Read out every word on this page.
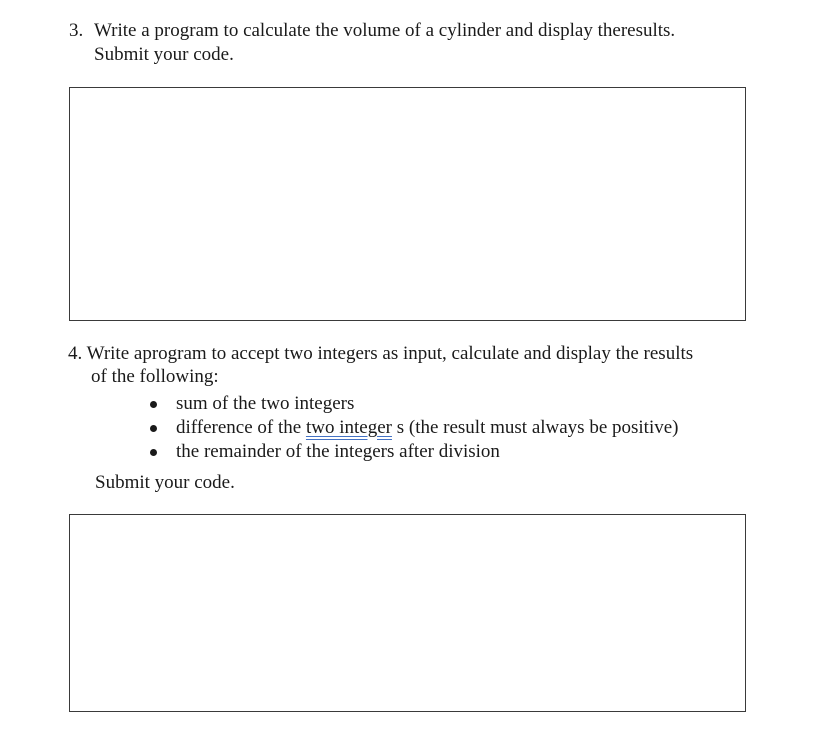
3. Write a program to calculate the volume of a cylinder and display theresults.
Submit your code.
4. Write aprogram to accept two integers as input, calculate and display the results
of the following:
sum of the two integers
difference of the two integer s (the result must always be positive)
the remainder of the integers after division
Submit your code.
